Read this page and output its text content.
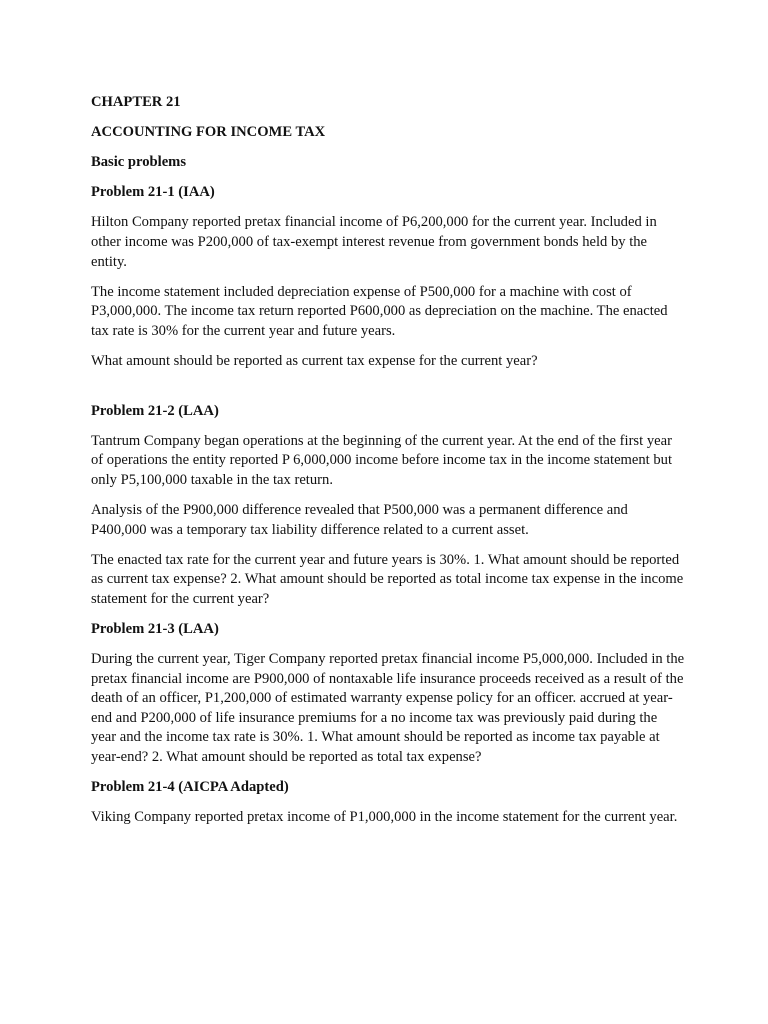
CHAPTER 21

ACCOUNTING FOR INCOME TAX

Basic problems

Problem 21-1 (IAA)

Hilton Company reported pretax financial income of P6,200,000 for the current year. Included in other income was P200,000 of tax-exempt interest revenue from government bonds held by the entity.

The income statement included depreciation expense of P500,000 for a machine with cost of P3,000,000. The income tax return reported P600,000 as depreciation on the machine. The enacted tax rate is 30% for the current year and future years.

What amount should be reported as current tax expense for the current year?

Problem 21-2 (LAA)

Tantrum Company began operations at the beginning of the current year. At the end of the first year of operations the entity reported P 6,000,000 income before income tax in the income statement but only P5,100,000 taxable in the tax return.

Analysis of the P900,000 difference revealed that P500,000 was a permanent difference and P400,000 was a temporary tax liability difference related to a current asset.

The enacted tax rate for the current year and future years is 30%. 1. What amount should be reported as current tax expense? 2. What amount should be reported as total income tax expense in the income statement for the current year?

Problem 21-3 (LAA)

During the current year, Tiger Company reported pretax financial income P5,000,000. Included in the pretax financial income are P900,000 of nontaxable life insurance proceeds received as a result of the death of an officer, P1,200,000 of estimated warranty expense policy for an officer. accrued at year-end and P200,000 of life insurance premiums for a no income tax was previously paid during the year and the income tax rate is 30%. 1. What amount should be reported as income tax payable at year-end? 2. What amount should be reported as total tax expense?

Problem 21-4 (AICPA Adapted)

Viking Company reported pretax income of P1,000,000 in the income statement for the current year.
